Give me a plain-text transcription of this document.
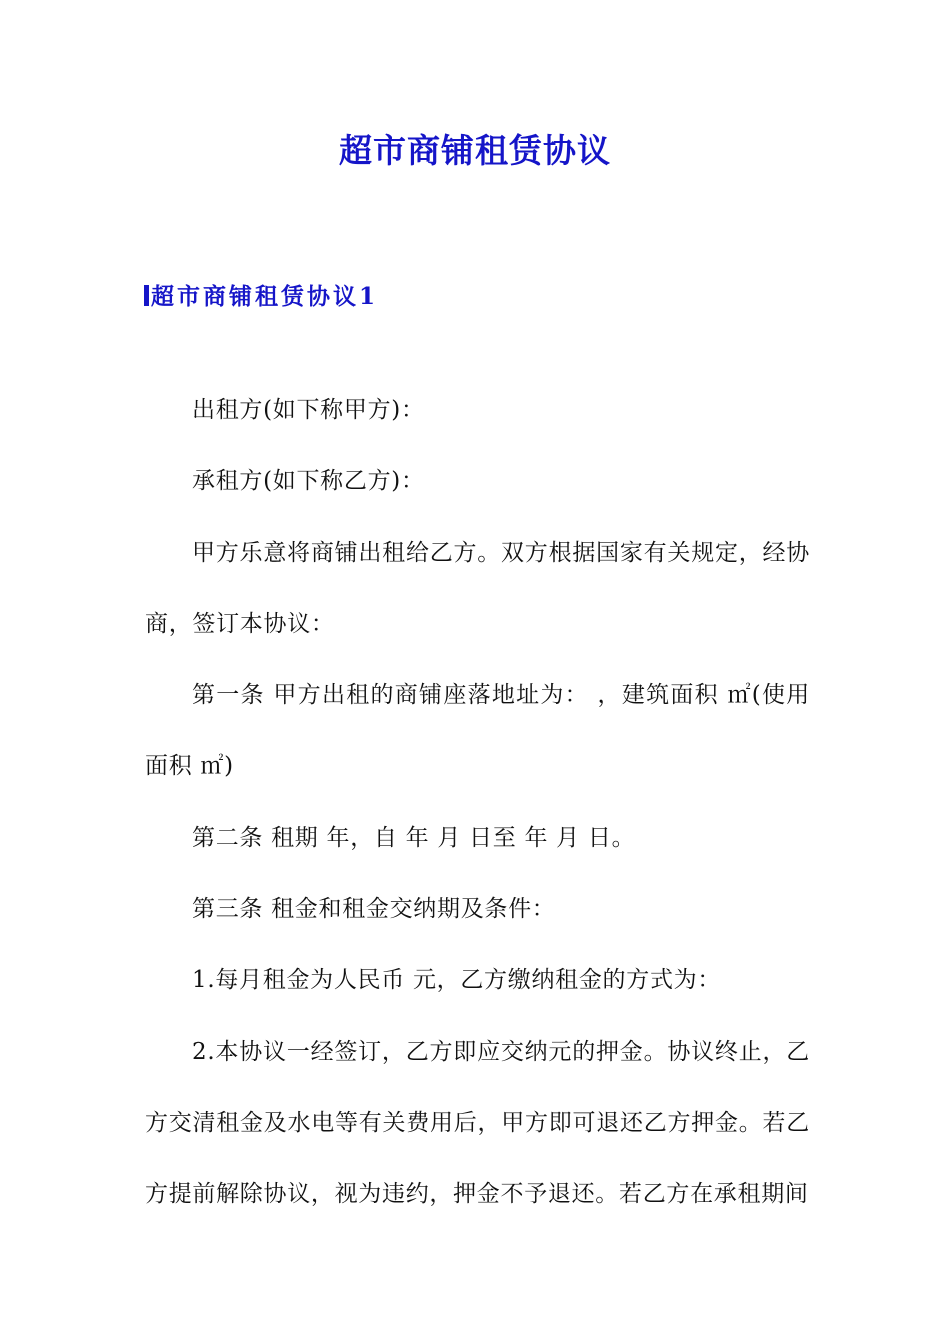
超市商铺租赁协议
超市商铺租赁协议1

出租方(如下称甲方)：

承租方(如下称乙方)：

甲方乐意将商铺出租给乙方。双方根据国家有关规定，经协商，签订本协议：

第一条 甲方出租的商铺座落地址为： ，建筑面积 ㎡(使用面积 ㎡)

第二条 租期 年，自 年 月 日至 年 月 日。

第三条 租金和租金交纳期及条件：

1.每月租金为人民币 元，乙方缴纳租金的方式为：

2.本协议一经签订，乙方即应交纳元的押金。协议终止，乙方交清租金及水电等有关费用后，甲方即可退还乙方押金。若乙方提前解除协议，视为违约，押金不予退还。若乙方在承租期间
